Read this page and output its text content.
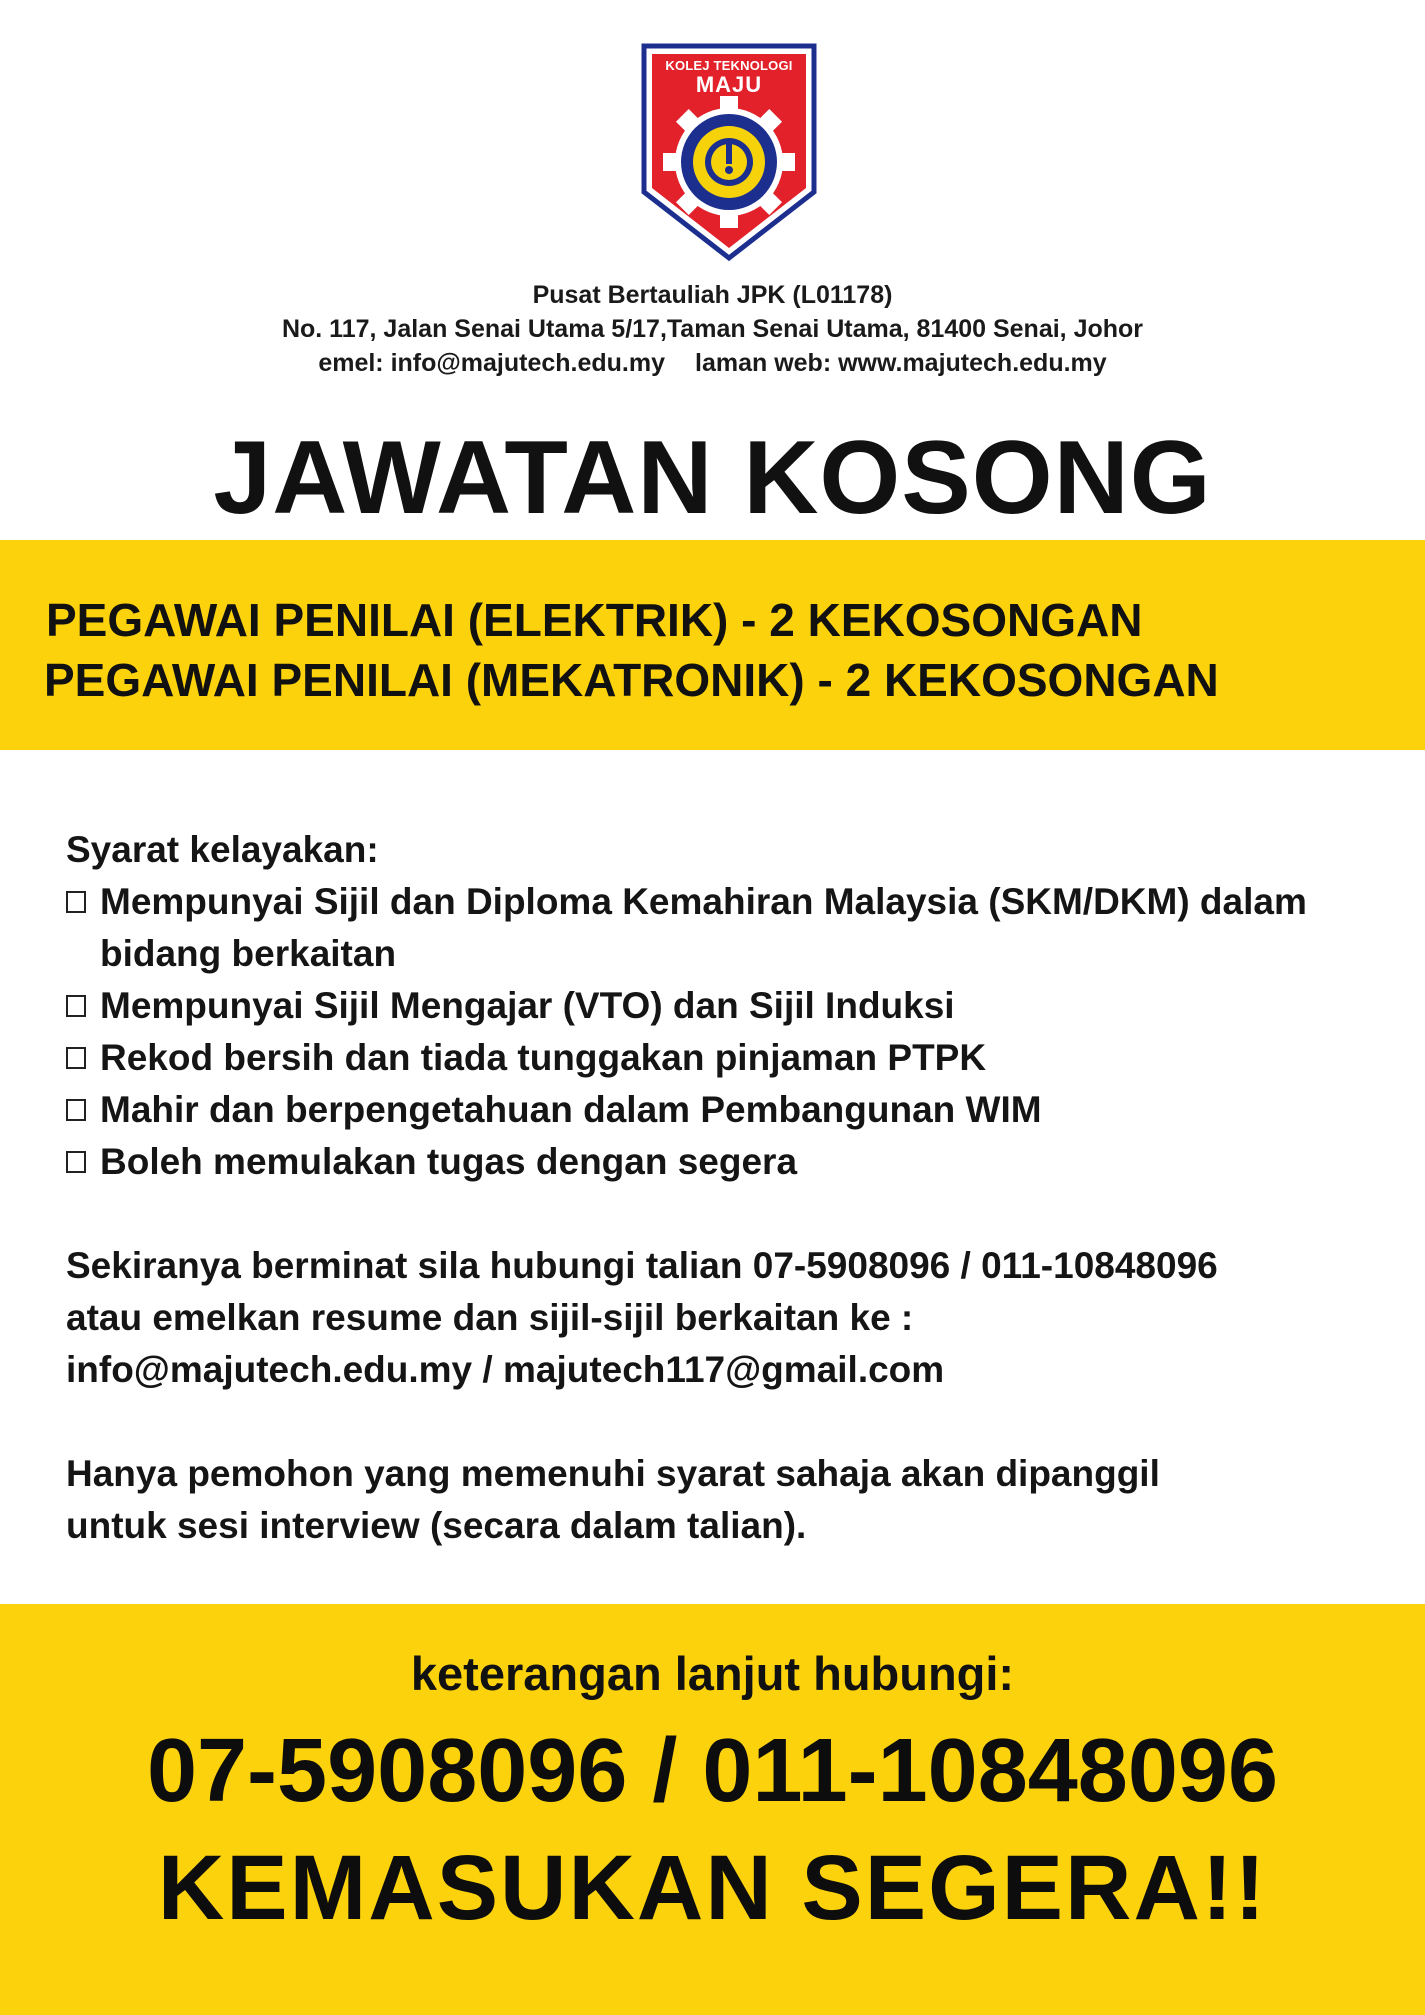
KOLEJ TEKNOLOGI
MAJU
Pusat Bertauliah JPK (L01178)
No. 117, Jalan Senai Utama 5/17,Taman Senai Utama, 81400 Senai, Johor
emel: info@majutech.edu.my laman web: www.majutech.edu.my
JAWATAN KOSONG
PEGAWAI PENILAI (ELEKTRIK) - 2 KEKOSONGAN
PEGAWAI PENILAI (MEKATRONIK) - 2 KEKOSONGAN
Syarat kelayakan:
Mempunyai Sijil dan Diploma Kemahiran Malaysia (SKM/DKM) dalam bidang berkaitan
Mempunyai Sijil Mengajar (VTO) dan Sijil Induksi
Rekod bersih dan tiada tunggakan pinjaman PTPK
Mahir dan berpengetahuan dalam Pembangunan WIM
Boleh memulakan tugas dengan segera
Sekiranya berminat sila hubungi talian 07-5908096 / 011-10848096
atau emelkan resume dan sijil-sijil berkaitan ke :
info@majutech.edu.my / majutech117@gmail.com
Hanya pemohon yang memenuhi syarat sahaja akan dipanggil
untuk sesi interview (secara dalam talian).
keterangan lanjut hubungi:
07-5908096 / 011-10848096
KEMASUKAN SEGERA!!
